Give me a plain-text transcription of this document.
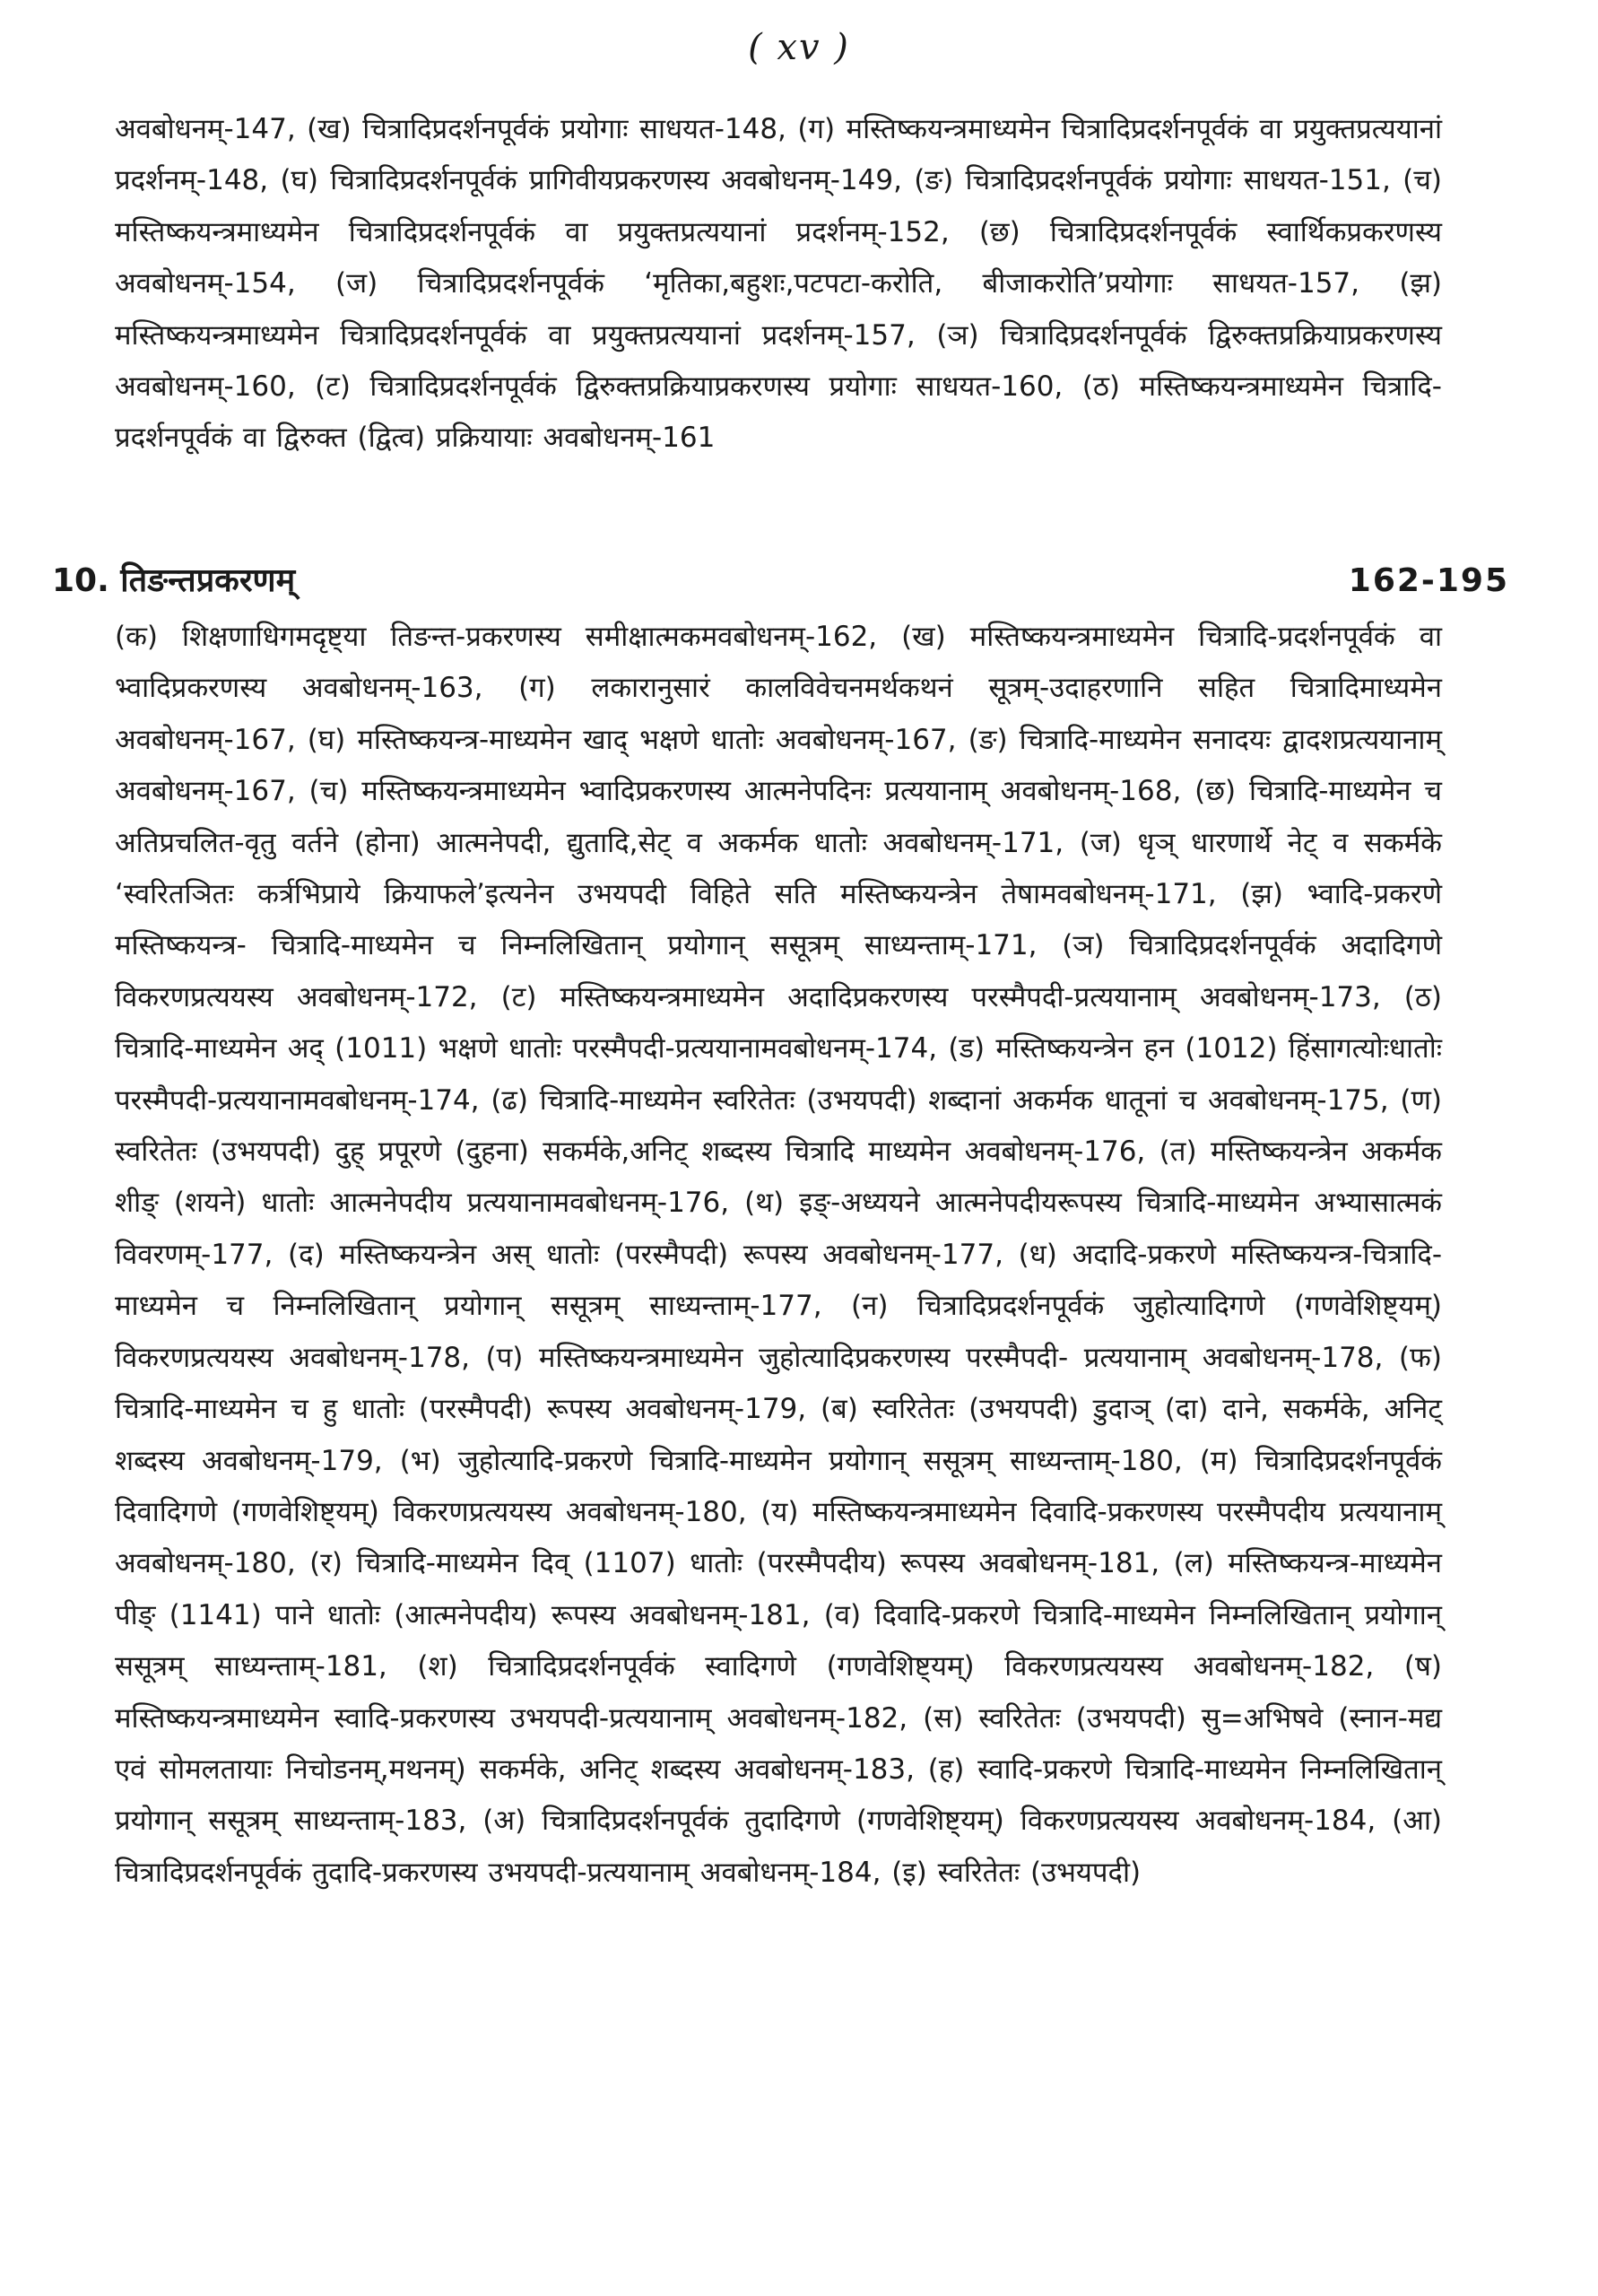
( xv )

अवबोधनम्-147, (ख) चित्रादिप्रदर्शनपूर्वकं प्रयोगाः साधयत-148, (ग) मस्तिष्कयन्त्रमाध्यमेन चित्रादिप्रदर्शनपूर्वकं वा प्रयुक्तप्रत्ययानां प्रदर्शनम्-148, (घ) चित्रादिप्रदर्शनपूर्वकं प्रागिवीयप्रकरणस्य अवबोधनम्-149, (ङ) चित्रादिप्रदर्शनपूर्वकं प्रयोगाः साधयत-151, (च) मस्तिष्कयन्त्रमाध्यमेन चित्रादिप्रदर्शनपूर्वकं वा प्रयुक्तप्रत्ययानां प्रदर्शनम्-152, (छ) चित्रादिप्रदर्शनपूर्वकं स्वार्थिकप्रकरणस्य अवबोधनम्-154, (ज) चित्रादिप्रदर्शनपूर्वकं ‘मृतिका,बहुशः,पटपटा-करोति, बीजाकरोति’प्रयोगाः साधयत-157, (झ) मस्तिष्कयन्त्रमाध्यमेन चित्रादिप्रदर्शनपूर्वकं वा प्रयुक्तप्रत्ययानां प्रदर्शनम्-157, (ञ) चित्रादिप्रदर्शनपूर्वकं द्विरुक्तप्रक्रियाप्रकरणस्य अवबोधनम्-160, (ट) चित्रादिप्रदर्शनपूर्वकं द्विरुक्तप्रक्रियाप्रकरणस्य प्रयोगाः साधयत-160, (ठ) मस्तिष्कयन्त्रमाध्यमेन चित्रादि-प्रदर्शनपूर्वकं वा द्विरुक्त (द्वित्व) प्रक्रियायाः अवबोधनम्-161

10. तिङन्तप्रकरणम्	162-195

(क) शिक्षणाधिगमदृष्ट्या तिङन्त-प्रकरणस्य समीक्षात्मकमवबोधनम्-162, (ख) मस्तिष्कयन्त्रमाध्यमेन चित्रादि-प्रदर्शनपूर्वकं वा भ्वादिप्रकरणस्य अवबोधनम्-163, (ग) लकारानुसारं कालविवेचनमर्थकथनं सूत्रम्-उदाहरणानि सहित चित्रादिमाध्यमेन अवबोधनम्-167, (घ) मस्तिष्कयन्त्र-माध्यमेन खाद् भक्षणे धातोः अवबोधनम्-167, (ङ) चित्रादि-माध्यमेन सनादयः द्वादशप्रत्ययानाम् अवबोधनम्-167, (च) मस्तिष्कयन्त्रमाध्यमेन भ्वादिप्रकरणस्य आत्मनेपदिनः प्रत्ययानाम् अवबोधनम्-168, (छ) चित्रादि-माध्यमेन च अतिप्रचलित-वृतु वर्तने (होना) आत्मनेपदी, द्युतादि,सेट् व अकर्मक धातोः अवबोधनम्-171, (ज) धृञ् धारणार्थे नेट् व सकर्मके ‘स्वरितञितः कर्त्रभिप्राये क्रियाफले’इत्यनेन उभयपदी विहिते सति मस्तिष्कयन्त्रेन तेषामवबोधनम्-171, (झ) भ्वादि-प्रकरणे मस्तिष्कयन्त्र- चित्रादि-माध्यमेन च निम्नलिखितान् प्रयोगान् ससूत्रम् साध्यन्ताम्-171, (ञ) चित्रादिप्रदर्शनपूर्वकं अदादिगणे विकरणप्रत्ययस्य अवबोधनम्-172, (ट) मस्तिष्कयन्त्रमाध्यमेन अदादिप्रकरणस्य परस्मैपदी-प्रत्ययानाम् अवबोधनम्-173, (ठ) चित्रादि-माध्यमेन अद् (1011) भक्षणे धातोः परस्मैपदी-प्रत्ययानामवबोधनम्-174, (ड) मस्तिष्कयन्त्रेन हन (1012) हिंसागत्योःधातोः परस्मैपदी-प्रत्ययानामवबोधनम्-174, (ढ) चित्रादि-माध्यमेन स्वरितेतः (उभयपदी) शब्दानां अकर्मक धातूनां च अवबोधनम्-175, (ण) स्वरितेतः (उभयपदी) दुह् प्रपूरणे (दुहना) सकर्मके,अनिट् शब्दस्य चित्रादि माध्यमेन अवबोधनम्-176, (त) मस्तिष्कयन्त्रेन अकर्मक शीङ् (शयने) धातोः आत्मनेपदीय प्रत्ययानामवबोधनम्-176, (थ) इङ्-अध्ययने आत्मनेपदीयरूपस्य चित्रादि-माध्यमेन अभ्यासात्मकं विवरणम्-177, (द) मस्तिष्कयन्त्रेन अस् धातोः (परस्मैपदी) रूपस्य अवबोधनम्-177, (ध) अदादि-प्रकरणे मस्तिष्कयन्त्र-चित्रादि-माध्यमेन च निम्नलिखितान् प्रयोगान् ससूत्रम् साध्यन्ताम्-177, (न) चित्रादिप्रदर्शनपूर्वकं जुहोत्यादिगणे (गणवेशिष्ट्यम्) विकरणप्रत्ययस्य अवबोधनम्-178, (प) मस्तिष्कयन्त्रमाध्यमेन जुहोत्यादिप्रकरणस्य परस्मैपदी- प्रत्ययानाम् अवबोधनम्-178, (फ) चित्रादि-माध्यमेन च हु धातोः (परस्मैपदी) रूपस्य अवबोधनम्-179, (ब) स्वरितेतः (उभयपदी) डुदाञ् (दा) दाने, सकर्मके, अनिट् शब्दस्य अवबोधनम्-179, (भ) जुहोत्यादि-प्रकरणे चित्रादि-माध्यमेन प्रयोगान् ससूत्रम् साध्यन्ताम्-180, (म) चित्रादिप्रदर्शनपूर्वकं दिवादिगणे (गणवेशिष्ट्यम्) विकरणप्रत्ययस्य अवबोधनम्-180, (य) मस्तिष्कयन्त्रमाध्यमेन दिवादि-प्रकरणस्य परस्मैपदीय प्रत्ययानाम् अवबोधनम्-180, (र) चित्रादि-माध्यमेन दिव् (1107) धातोः (परस्मैपदीय) रूपस्य अवबोधनम्-181, (ल) मस्तिष्कयन्त्र-माध्यमेन पीङ् (1141) पाने धातोः (आत्मनेपदीय) रूपस्य अवबोधनम्-181, (व) दिवादि-प्रकरणे चित्रादि-माध्यमेन निम्नलिखितान् प्रयोगान् ससूत्रम् साध्यन्ताम्-181, (श) चित्रादिप्रदर्शनपूर्वकं स्वादिगणे (गणवेशिष्ट्यम्) विकरणप्रत्ययस्य अवबोधनम्-182, (ष) मस्तिष्कयन्त्रमाध्यमेन स्वादि-प्रकरणस्य उभयपदी-प्रत्ययानाम् अवबोधनम्-182, (स) स्वरितेतः (उभयपदी) सु=अभिषवे (स्नान-मद्य एवं सोमलतायाः निचोडनम्,मथनम्) सकर्मके, अनिट् शब्दस्य अवबोधनम्-183, (ह) स्वादि-प्रकरणे चित्रादि-माध्यमेन निम्नलिखितान् प्रयोगान् ससूत्रम् साध्यन्ताम्-183, (अ) चित्रादिप्रदर्शनपूर्वकं तुदादिगणे (गणवेशिष्ट्यम्) विकरणप्रत्ययस्य अवबोधनम्-184, (आ) चित्रादिप्रदर्शनपूर्वकं तुदादि-प्रकरणस्य उभयपदी-प्रत्ययानाम् अवबोधनम्-184, (इ) स्वरितेतः (उभयपदी)
